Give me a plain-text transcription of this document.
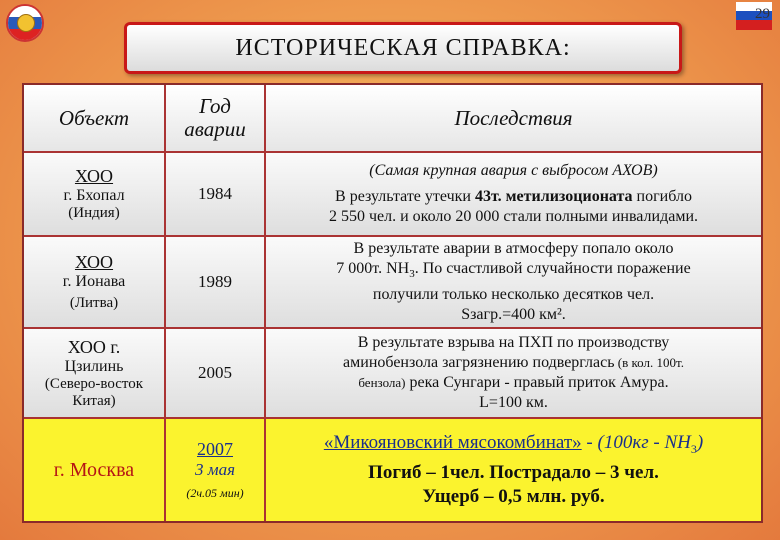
29
ИСТОРИЧЕСКАЯ СПРАВКА:
Объект	Год
аварии	Последствия
ХОО
г. Бхопал
(Индия)
1984
(Самая крупная авария с выбросом АХОВ)
В результате утечки 43т. метилизоционата погибло
2 550 чел. и около 20 000 стали полными инвалидами.
ХОО
г. Ионава
(Литва)
1989
В результате аварии в атмосферу попало около
7 000т. $NH_3$. По счастливой случайности поражение
получили только несколько десятков чел.
Sзагр.=400 км².
ХОО г.
Цзилинь
(Северо-восток Китая)
2005
В результате взрыва на ПХП по производству
аминобензола загрязнению подверглась (в кол. 100т.
бензола) река Сунгари - правый приток Амура.
L=100 км.
г. Москва
2007
3 мая
(2ч.05 мин)
«Микояновский мясокомбинат» - $(100кг - NH_3)$
Погиб – 1чел. Пострадало – 3 чел.
Ущерб – 0,5 млн. руб.
